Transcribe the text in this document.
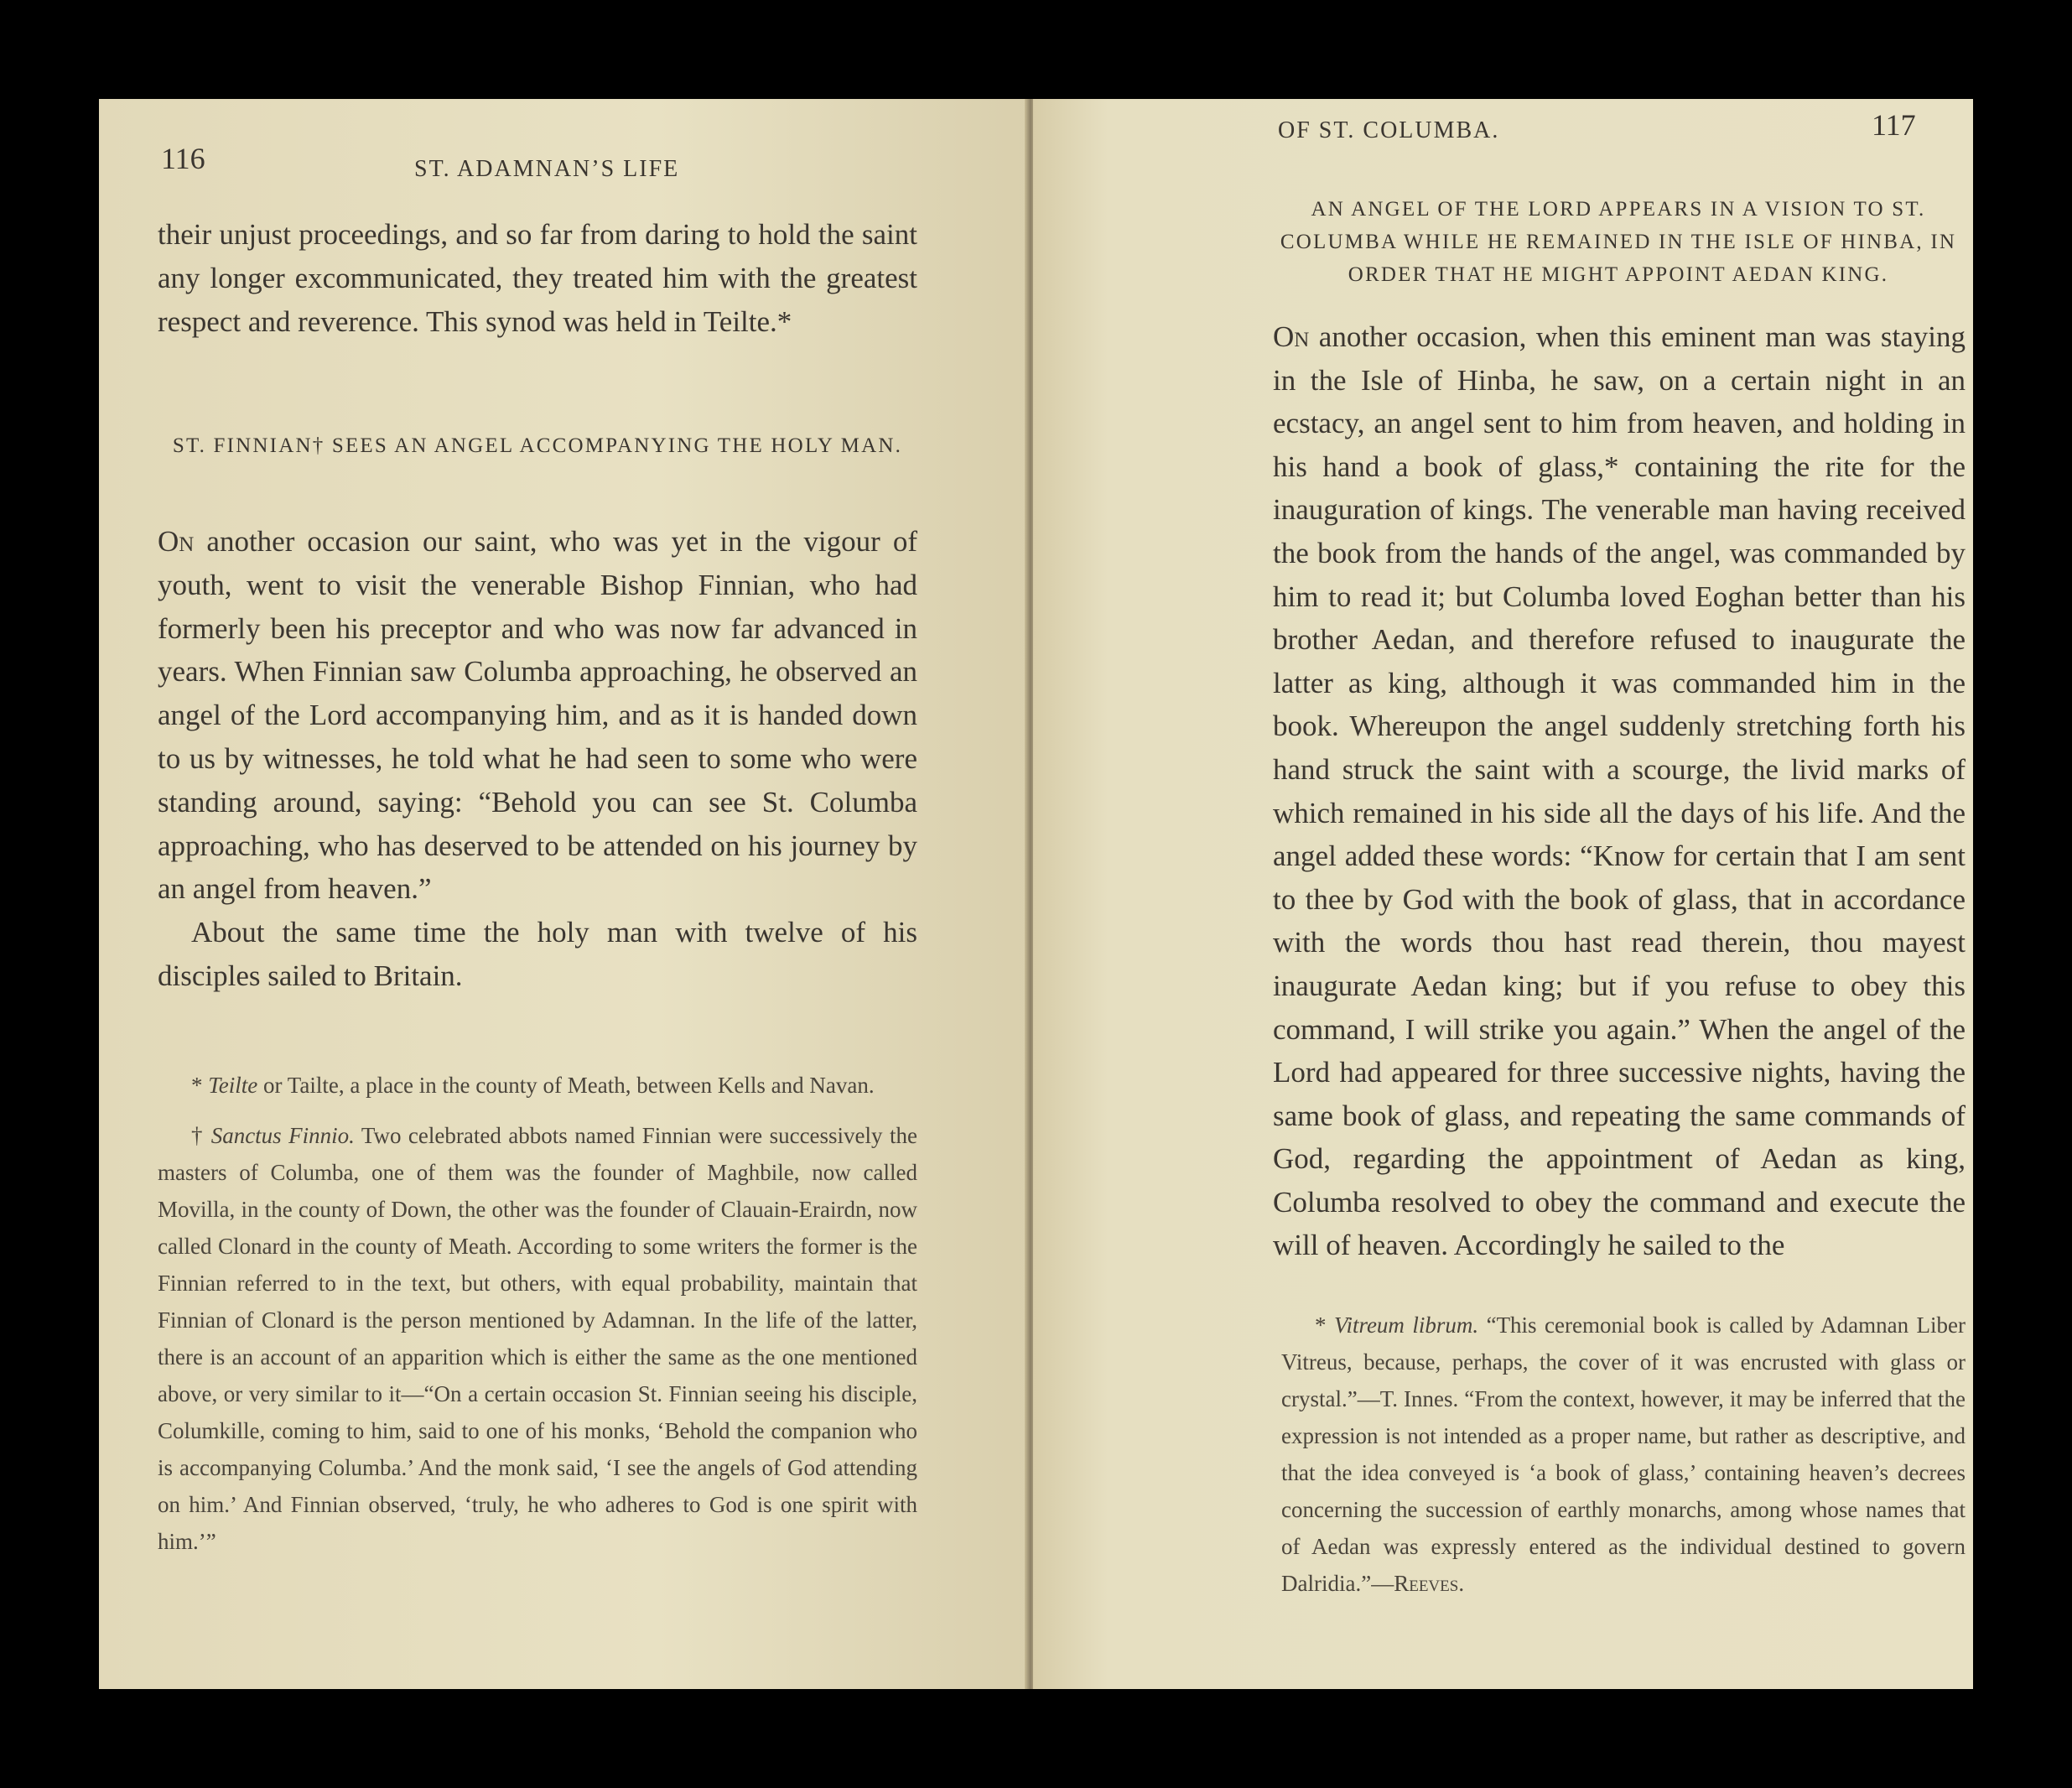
116	ST. ADAMNAN’S LIFE

their unjust proceedings, and so far from daring to hold the saint any longer excommunicated, they treated him with the greatest respect and reverence. This synod was held in Teilte.*

ST. FINNIAN† SEES AN ANGEL ACCOMPANYING THE HOLY MAN.

On another occasion our saint, who was yet in the vigour of youth, went to visit the venerable Bishop Finnian, who had formerly been his preceptor and who was now far advanced in years. When Finnian saw Columba approaching, he observed an angel of the Lord accompanying him, and as it is handed down to us by witnesses, he told what he had seen to some who were standing around, saying: “Behold you can see St. Columba approaching, who has deserved to be attended on his journey by an angel from heaven.”

About the same time the holy man with twelve of his disciples sailed to Britain.

* Teilte or Tailte, a place in the county of Meath, between Kells and Navan.

† Sanctus Finnio. Two celebrated abbots named Finnian were successively the masters of Columba, one of them was the founder of Maghbile, now called Movilla, in the county of Down, the other was the founder of Clauain-Erairdn, now called Clonard in the county of Meath. According to some writers the former is the Finnian referred to in the text, but others, with equal probability, maintain that Finnian of Clonard is the person mentioned by Adamnan. In the life of the latter, there is an account of an apparition which is either the same as the one mentioned above, or very similar to it—“On a certain occasion St. Finnian seeing his disciple, Columkille, coming to him, said to one of his monks, ‘Behold the companion who is accompanying Columba.’ And the monk said, ‘I see the angels of God attending on him.’ And Finnian observed, ‘truly, he who adheres to God is one spirit with him.’”

OF ST. COLUMBA.	117
AN ANGEL OF THE LORD APPEARS IN A VISION TO ST. COLUMBA WHILE HE REMAINED IN THE ISLE OF HINBA, IN ORDER THAT HE MIGHT APPOINT AEDAN KING.

On another occasion, when this eminent man was staying in the Isle of Hinba, he saw, on a certain night in an ecstacy, an angel sent to him from heaven, and holding in his hand a book of glass,* containing the rite for the inauguration of kings. The venerable man having received the book from the hands of the angel, was commanded by him to read it; but Columba loved Eoghan better than his brother Aedan, and therefore refused to inaugurate the latter as king, although it was commanded him in the book. Whereupon the angel suddenly stretching forth his hand struck the saint with a scourge, the livid marks of which remained in his side all the days of his life. And the angel added these words: “Know for certain that I am sent to thee by God with the book of glass, that in accordance with the words thou hast read therein, thou mayest inaugurate Aedan king; but if you refuse to obey this command, I will strike you again.” When the angel of the Lord had appeared for three successive nights, having the same book of glass, and repeating the same commands of God, regarding the appointment of Aedan as king, Columba resolved to obey the command and execute the will of heaven. Accordingly he sailed to the

* Vitreum librum. “This ceremonial book is called by Adamnan Liber Vitreus, because, perhaps, the cover of it was encrusted with glass or crystal.”—T. Innes. “From the context, however, it may be inferred that the expression is not intended as a proper name, but rather as descriptive, and that the idea conveyed is ‘a book of glass,’ containing heaven’s decrees concerning the succession of earthly monarchs, among whose names that of Aedan was expressly entered as the individual destined to govern Dalridia.”—Reeves.
